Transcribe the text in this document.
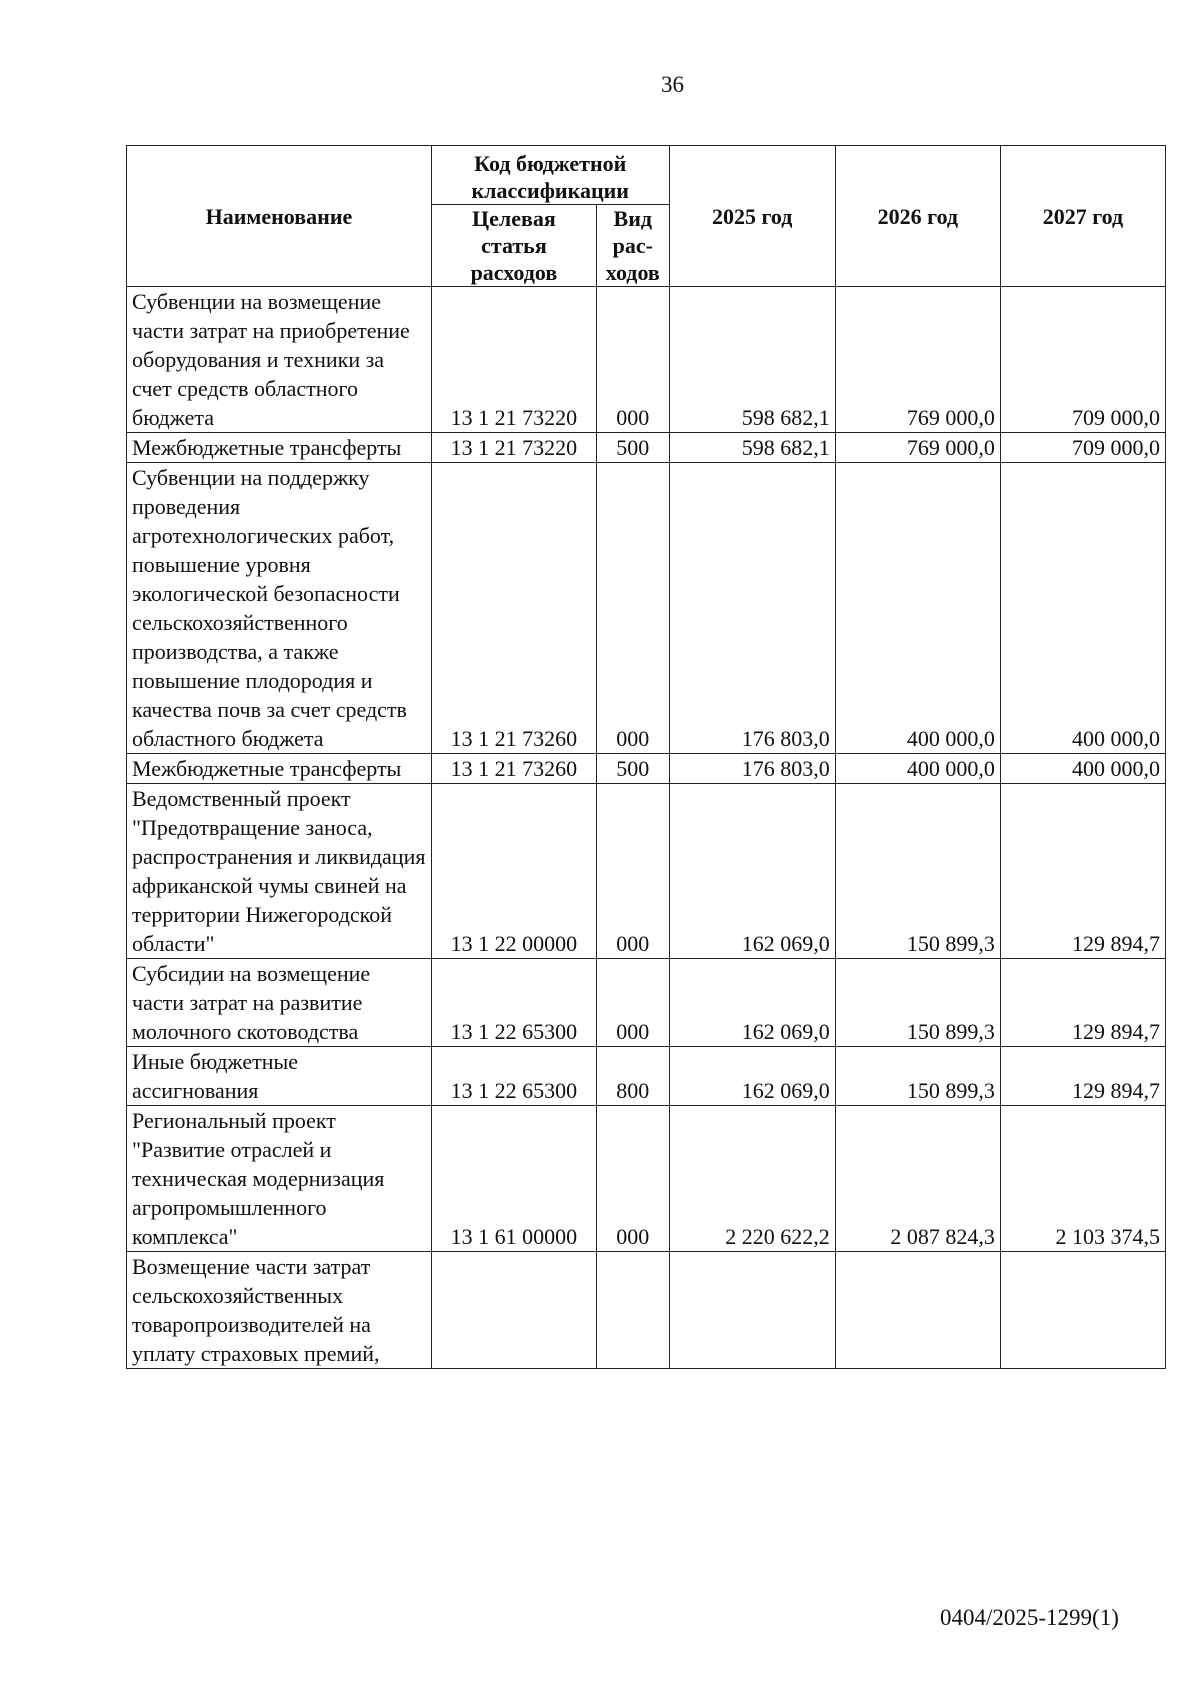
36
Наименование	Код бюджетной классификации		2025 год	2026 год	2027 год
	Целевая статья расходов	Вид рас-ходов			
Субвенции на возмещение части затрат на приобретение оборудования и техники за счет средств областного бюджета	13 1 21 73220	000	598 682,1	769 000,0	709 000,0
Межбюджетные трансферты	13 1 21 73220	500	598 682,1	769 000,0	709 000,0
Субвенции на поддержку проведения агротехнологических работ, повышение уровня экологической безопасности сельскохозяйственного производства, а также повышение плодородия и качества почв за счет средств областного бюджета	13 1 21 73260	000	176 803,0	400 000,0	400 000,0
Межбюджетные трансферты	13 1 21 73260	500	176 803,0	400 000,0	400 000,0
Ведомственный проект "Предотвращение заноса, распространения и ликвидация африканской чумы свиней на территории Нижегородской области"	13 1 22 00000	000	162 069,0	150 899,3	129 894,7
Субсидии на возмещение части затрат на развитие молочного скотоводства	13 1 22 65300	000	162 069,0	150 899,3	129 894,7
Иные бюджетные ассигнования	13 1 22 65300	800	162 069,0	150 899,3	129 894,7
Региональный проект "Развитие отраслей и техническая модернизация агропромышленного комплекса"	13 1 61 00000	000	2 220 622,2	2 087 824,3	2 103 374,5
Возмещение части затрат сельскохозяйственных товаропроизводителей на уплату страховых премий,					
0404/2025-1299(1)
